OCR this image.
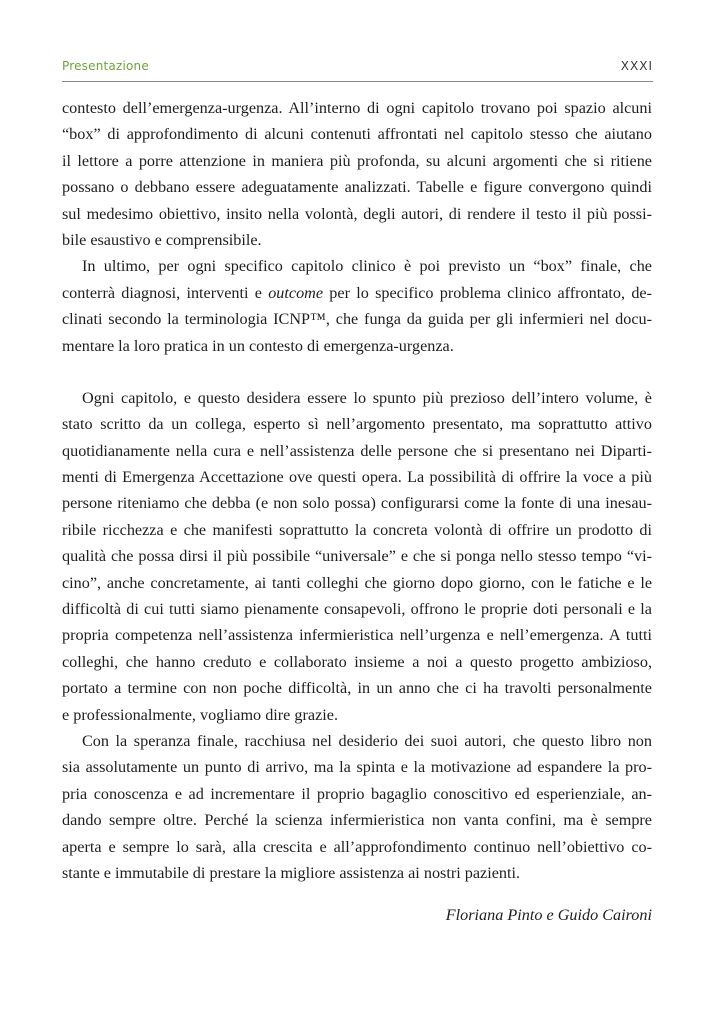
Presentazione	XXXI
contesto dell’emergenza-urgenza. All’interno di ogni capitolo trovano poi spazio alcuni
“box” di approfondimento di alcuni contenuti affrontati nel capitolo stesso che aiutano
il lettore a porre attenzione in maniera più profonda, su alcuni argomenti che si ritiene
possano o debbano essere adeguatamente analizzati. Tabelle e figure convergono quindi
sul medesimo obiettivo, insito nella volontà, degli autori, di rendere il testo il più possi-
bile esaustivo e comprensibile.
In ultimo, per ogni specifico capitolo clinico è poi previsto un “box” finale, che
conterrà diagnosi, interventi e outcome per lo specifico problema clinico affrontato, de-
clinati secondo la terminologia ICNP™, che funga da guida per gli infermieri nel docu-
mentare la loro pratica in un contesto di emergenza-urgenza.
Ogni capitolo, e questo desidera essere lo spunto più prezioso dell’intero volume, è
stato scritto da un collega, esperto sì nell’argomento presentato, ma soprattutto attivo
quotidianamente nella cura e nell’assistenza delle persone che si presentano nei Diparti-
menti di Emergenza Accettazione ove questi opera. La possibilità di offrire la voce a più
persone riteniamo che debba (e non solo possa) configurarsi come la fonte di una inesau-
ribile ricchezza e che manifesti soprattutto la concreta volontà di offrire un prodotto di
qualità che possa dirsi il più possibile “universale” e che si ponga nello stesso tempo “vi-
cino”, anche concretamente, ai tanti colleghi che giorno dopo giorno, con le fatiche e le
difficoltà di cui tutti siamo pienamente consapevoli, offrono le proprie doti personali e la
propria competenza nell’assistenza infermieristica nell’urgenza e nell’emergenza. A tutti
colleghi, che hanno creduto e collaborato insieme a noi a questo progetto ambizioso,
portato a termine con non poche difficoltà, in un anno che ci ha travolti personalmente
e professionalmente, vogliamo dire grazie.
Con la speranza finale, racchiusa nel desiderio dei suoi autori, che questo libro non
sia assolutamente un punto di arrivo, ma la spinta e la motivazione ad espandere la pro-
pria conoscenza e ad incrementare il proprio bagaglio conoscitivo ed esperienziale, an-
dando sempre oltre. Perché la scienza infermieristica non vanta confini, ma è sempre
aperta e sempre lo sarà, alla crescita e all’approfondimento continuo nell’obiettivo co-
stante e immutabile di prestare la migliore assistenza ai nostri pazienti.
Floriana Pinto e Guido Caironi
